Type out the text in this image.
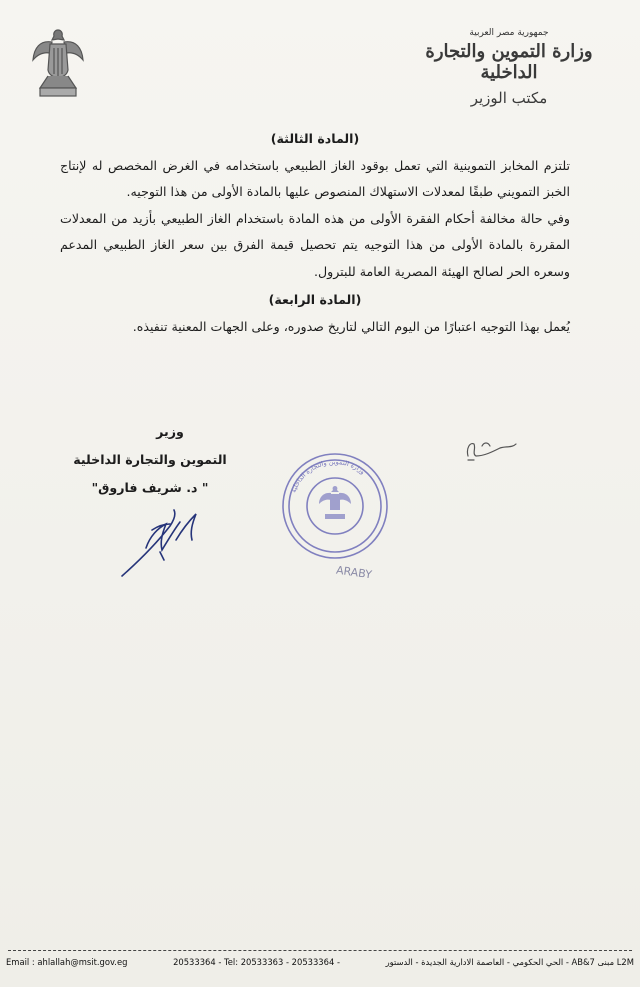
جمهورية مصر العربية
وزارة التموين والتجارة الداخلية
مكتب الوزير

(المادة الثالثة)

تلتزم المخابز التموينية التي تعمل بوقود الغاز الطبيعي باستخدامه في الغرض المخصص له لإنتاج الخبز التمويني طبقًا لمعدلات الاستهلاك المنصوص عليها بالمادة الأولى من هذا التوجيه.

وفي حالة مخالفة أحكام الفقرة الأولى من هذه المادة باستخدام الغاز الطبيعي بأزيد من المعدلات المقررة بالمادة الأولى من هذا التوجيه يتم تحصيل قيمة الفرق بين سعر الغاز الطبيعي المدعم وسعره الحر لصالح الهيئة المصرية العامة للبترول.

(المادة الرابعة)

يُعمل بهذا التوجيه اعتبارًا من اليوم التالي لتاريخ صدوره، وعلى الجهات المعنية تنفيذه.

وزير
التموين والتجارة الداخلية
" د. شريف فاروق"	وزارة التموين والتجارة الداخلية
ARABY
Email : ahlallah@msit.gov.eg	20533364 - Tel: 20533363 - 20533364 -	L2M مبنى AB&7 - الحي الحكومي - العاصمة الادارية الجديدة - الدستور
